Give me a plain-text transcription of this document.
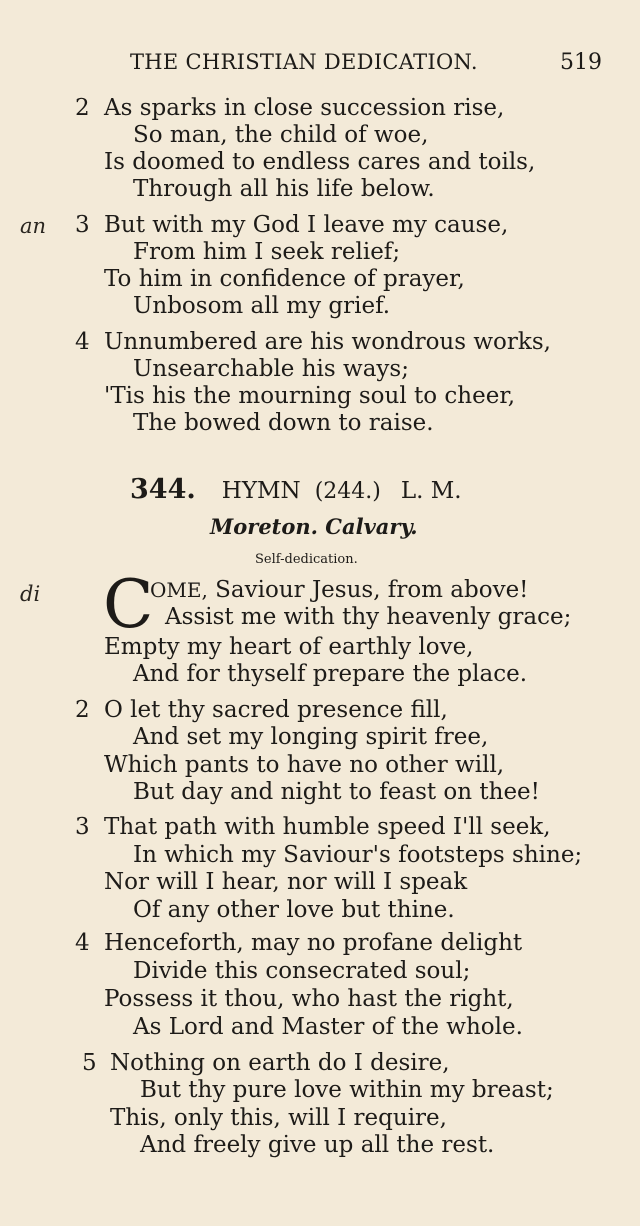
THE CHRISTIAN DEDICATION.	519
2 As sparks in close succession rise,
So man, the child of woe,
Is doomed to endless cares and toils,
Through all his life below.
an 3 But with my God I leave my cause,
From him I seek relief;
To him in confidence of prayer,
Unbosom all my grief.
4 Unnumbered are his wondrous works,
Unsearchable his ways;
'Tis his the mourning soul to cheer,
The bowed down to raise.
344. HYMN (244.) L. M.
Moreton. Calvary.
Self-dedication.
di C
OME, Saviour Jesus, from above!
Assist me with thy heavenly grace;
Empty my heart of earthly love,
And for thyself prepare the place.
2 O let thy sacred presence fill,
And set my longing spirit free,
Which pants to have no other will,
But day and night to feast on thee!
3 That path with humble speed I'll seek,
In which my Saviour's footsteps shine;
Nor will I hear, nor will I speak
Of any other love but thine.
4 Henceforth, may no profane delight
Divide this consecrated soul;
Possess it thou, who hast the right,
As Lord and Master of the whole.
5 Nothing on earth do I desire,
But thy pure love within my breast;
This, only this, will I require,
And freely give up all the rest.
